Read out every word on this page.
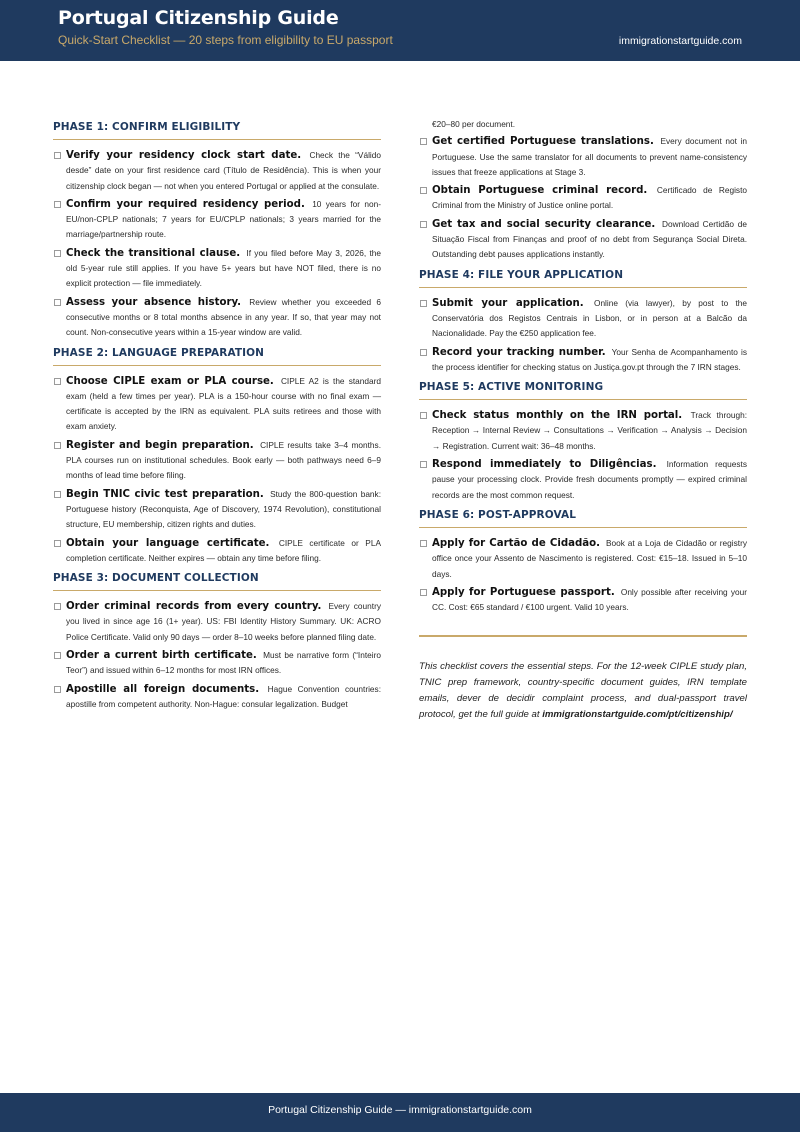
Portugal Citizenship Guide
Quick-Start Checklist — 20 steps from eligibility to EU passport	immigrationstartguide.com
PHASE 1: CONFIRM ELIGIBILITY
Verify your residency clock start date. Check the “Válido desde” date on your first residence card (Título de Residência). This is when your citizenship clock began — not when you entered Portugal or applied at the consulate.
Confirm your required residency period. 10 years for non-EU/non-CPLP nationals; 7 years for EU/CPLP nationals; 3 years married for the marriage/partnership route.
Check the transitional clause. If you filed before May 3, 2026, the old 5-year rule still applies. If you have 5+ years but have NOT filed, there is no explicit protection — file immediately.
Assess your absence history. Review whether you exceeded 6 consecutive months or 8 total months absence in any year. If so, that year may not count. Non-consecutive years within a 15-year window are valid.
PHASE 2: LANGUAGE PREPARATION
Choose CIPLE exam or PLA course. CIPLE A2 is the standard exam (held a few times per year). PLA is a 150-hour course with no final exam — certificate is accepted by the IRN as equivalent. PLA suits retirees and those with exam anxiety.
Register and begin preparation. CIPLE results take 3–4 months. PLA courses run on institutional schedules. Book early — both pathways need 6–9 months of lead time before filing.
Begin TNIC civic test preparation. Study the 800-question bank: Portuguese history (Reconquista, Age of Discovery, 1974 Revolution), constitutional structure, EU membership, citizen rights and duties.
Obtain your language certificate. CIPLE certificate or PLA completion certificate. Neither expires — obtain any time before filing.
PHASE 3: DOCUMENT COLLECTION
Order criminal records from every country. Every country you lived in since age 16 (1+ year). US: FBI Identity History Summary. UK: ACRO Police Certificate. Valid only 90 days — order 8–10 weeks before planned filing date.
Order a current birth certificate. Must be narrative form (“Inteiro Teor”) and issued within 6–12 months for most IRN offices.
Apostille all foreign documents. Hague Convention countries: apostille from competent authority. Non-Hague: consular legalization. Budget
€20–80 per document.
Get certified Portuguese translations. Every document not in Portuguese. Use the same translator for all documents to prevent name-consistency issues that freeze applications at Stage 3.
Obtain Portuguese criminal record. Certificado de Registo Criminal from the Ministry of Justice online portal.
Get tax and social security clearance. Download Certidão de Situação Fiscal from Finanças and proof of no debt from Segurança Social Direta. Outstanding debt pauses applications instantly.
PHASE 4: FILE YOUR APPLICATION
Submit your application. Online (via lawyer), by post to the Conservatória dos Registos Centrais in Lisbon, or in person at a Balcão da Nacionalidade. Pay the €250 application fee.
Record your tracking number. Your Senha de Acompanhamento is the process identifier for checking status on Justiça.gov.pt through the 7 IRN stages.
PHASE 5: ACTIVE MONITORING
Check status monthly on the IRN portal. Track through: Reception → Internal Review → Consultations → Verification → Analysis → Decision → Registration. Current wait: 36–48 months.
Respond immediately to Diligências. Information requests pause your processing clock. Provide fresh documents promptly — expired criminal records are the most common request.
PHASE 6: POST-APPROVAL
Apply for Cartão de Cidadão. Book at a Loja de Cidadão or registry office once your Assento de Nascimento is registered. Cost: €15–18. Issued in 5–10 days.
Apply for Portuguese passport. Only possible after receiving your CC. Cost: €65 standard / €100 urgent. Valid 10 years.
This checklist covers the essential steps. For the 12-week CIPLE study plan, TNIC prep framework, country-specific document guides, IRN template emails, dever de decidir complaint process, and dual-passport travel protocol, get the full guide at immigrationstartguide.com/pt/citizenship/
Portugal Citizenship Guide — immigrationstartguide.com
